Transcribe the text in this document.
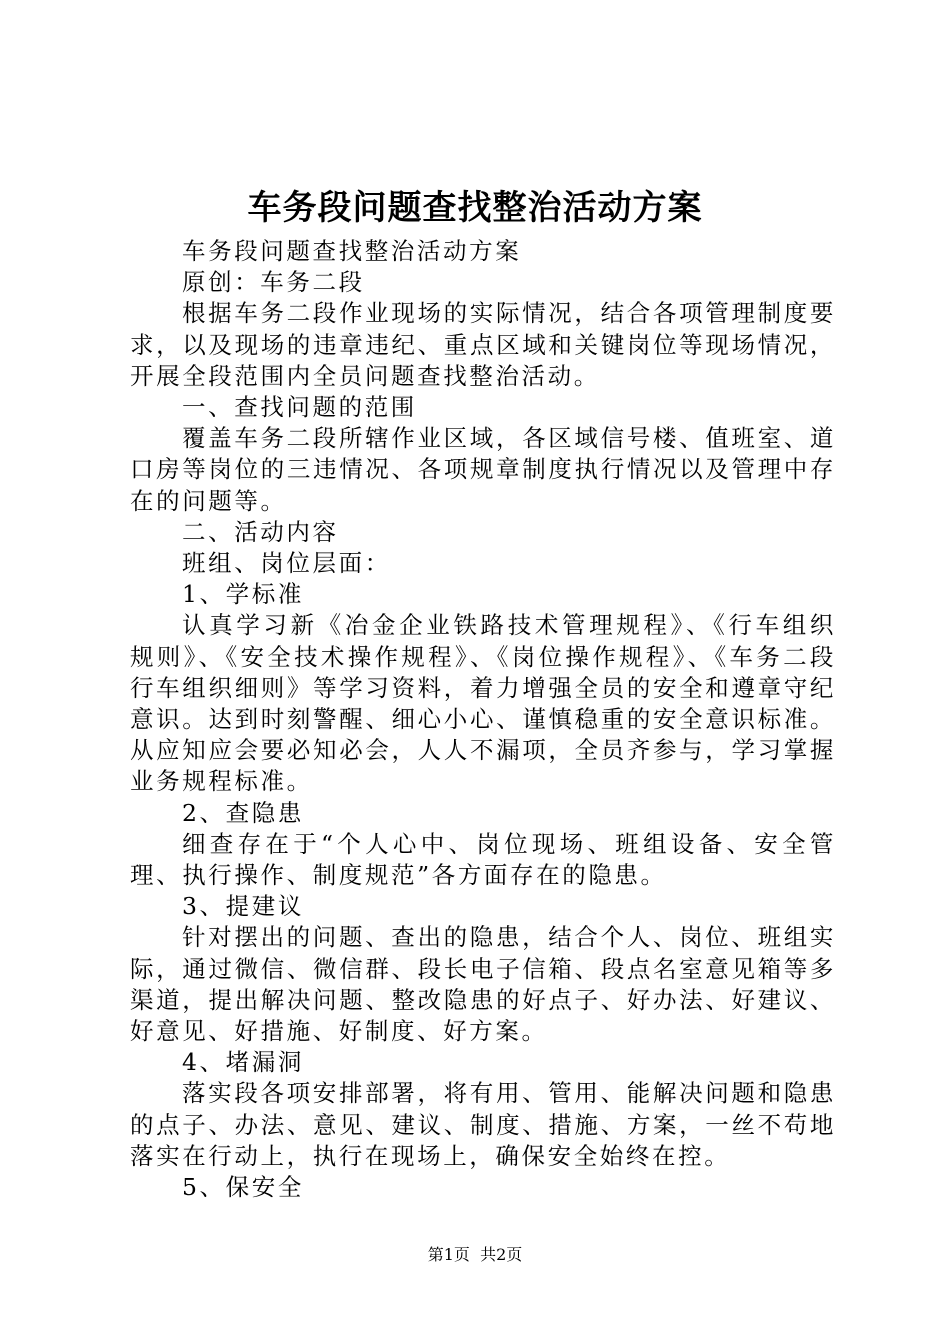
车务段问题查找整治活动方案

车务段问题查找整治活动方案

原创：车务二段

根据车务二段作业现场的实际情况，结合各项管理制度要求，以及现场的违章违纪、重点区域和关键岗位等现场情况，开展全段范围内全员问题查找整治活动。

一、查找问题的范围

覆盖车务二段所辖作业区域，各区域信号楼、值班室、道口房等岗位的三违情况、各项规章制度执行情况以及管理中存在的问题等。

二、活动内容

班组、岗位层面：

1、学标准

认真学习新《冶金企业铁路技术管理规程》、《行车组织规则》、《安全技术操作规程》、《岗位操作规程》、《车务二段行车组织细则》等学习资料，着力增强全员的安全和遵章守纪意识。达到时刻警醒、细心小心、谨慎稳重的安全意识标准。从应知应会要必知必会，人人不漏项，全员齐参与，学习掌握业务规程标准。

2、查隐患

细查存在于“个人心中、岗位现场、班组设备、安全管理、执行操作、制度规范”各方面存在的隐患。

3、提建议

针对摆出的问题、查出的隐患，结合个人、岗位、班组实际，通过微信、微信群、段长电子信箱、段点名室意见箱等多渠道，提出解决问题、整改隐患的好点子、好办法、好建议、好意见、好措施、好制度、好方案。

4、堵漏洞

落实段各项安排部署，将有用、管用、能解决问题和隐患的点子、办法、意见、建议、制度、措施、方案，一丝不苟地落实在行动上，执行在现场上，确保安全始终在控。

5、保安全

第1页 共2页
